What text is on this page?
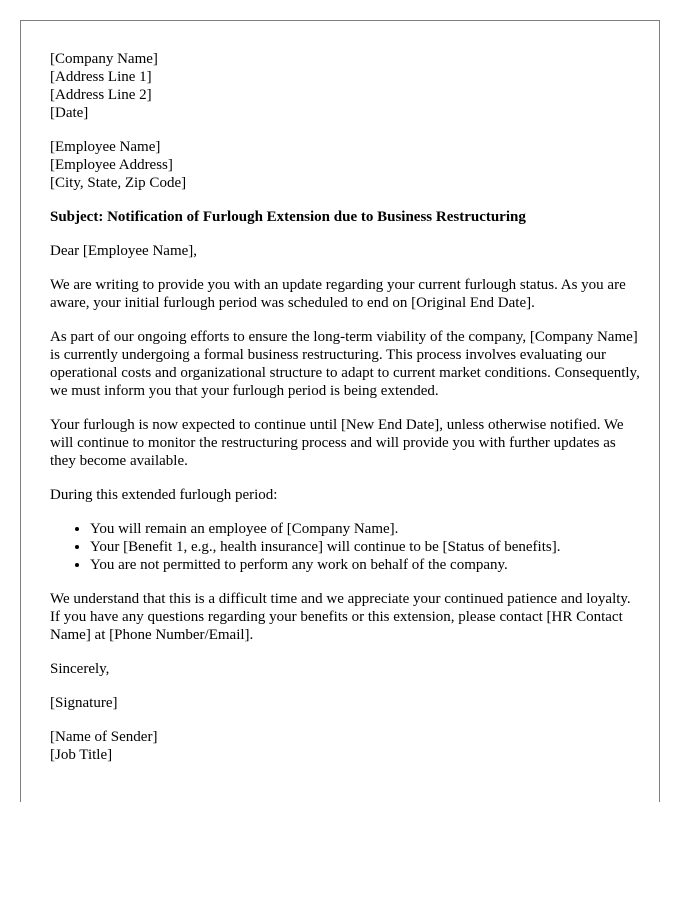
[Company Name]
[Address Line 1]
[Address Line 2]
[Date]
[Employee Name]
[Employee Address]
[City, State, Zip Code]

Subject: Notification of Furlough Extension due to Business Restructuring

Dear [Employee Name],

We are writing to provide you with an update regarding your current furlough status. As you are aware, your initial furlough period was scheduled to end on [Original End Date].

As part of our ongoing efforts to ensure the long-term viability of the company, [Company Name] is currently undergoing a formal business restructuring. This process involves evaluating our operational costs and organizational structure to adapt to current market conditions. Consequently, we must inform you that your furlough period is being extended.

Your furlough is now expected to continue until [New End Date], unless otherwise notified. We will continue to monitor the restructuring process and will provide you with further updates as they become available.

During this extended furlough period:

• You will remain an employee of [Company Name].
• Your [Benefit 1, e.g., health insurance] will continue to be [Status of benefits].
• You are not permitted to perform any work on behalf of the company.

We understand that this is a difficult time and we appreciate your continued patience and loyalty. If you have any questions regarding your benefits or this extension, please contact [HR Contact Name] at [Phone Number/Email].

Sincerely,

[Signature]

[Name of Sender]
[Job Title]
